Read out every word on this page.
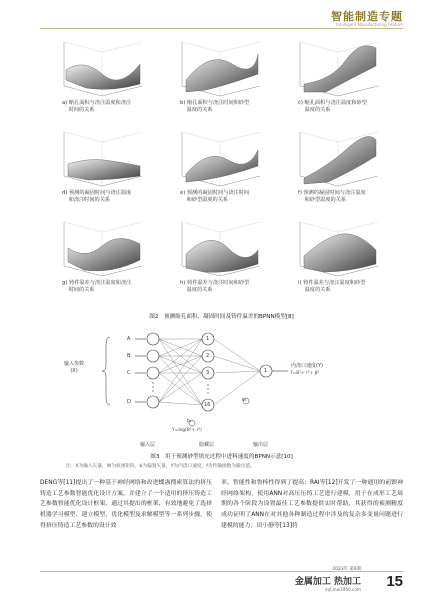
智能制造专题
Intelligent Manufacturing Feature
a) 缩孔面积与浇注温度和浇注
时间的关系
b) 缩孔面积与浇注时间和砂型
温度的关系
c) 缩孔面积与浇注温度和砂型
温度的关系
d) 预测的凝固时间与浇注温度
和浇注时间的关系
e) 预测的凝固时间与浇注时间
和砂型温度的关系
f) 预测的凝固时间与浇注温度
和砂型温度的关系
g) 铸件温差与浇注温度和浇注
时间的关系
h) 铸件温差与浇注时间和砂型
温度的关系
i) 铸件温差与浇注温度和砂型
温度的关系
图2　预测缩孔面积、凝固时间及铸件温差的BPNN模型[8]
A
B
C
D
输入参数
(X)
1
2
3
16
1
内浇口速度(Y)
f=B¹+ r²+ β²
b₁
b₂
Y=log(B¹+ r²)
输入层	隐藏层	输出层
图3　用于预测砂型填充过程中进料速度的BPNN示意[10]
注：X为输入矢量，W为权重矩阵，b为偏置矢量，Y为内浇口速度，f为传输函数为输出值。
DENG等[11]提出了一种基于神经网络和改进蝶蛊搜索算法的挤压铸造工艺参数智能优化设计方案，并建立了一个适用的挤压铸造工艺参数智能优化设计框架，通过其提出的框架，有效地避免了选择机器学习模型、建立模型、优化模型及求解模型等一系列步骤，使得挤压铸造工艺参数的设计效
率、智能性和鲁棒性得到了提高；RAI等[12]开发了一种通用的前馈神经网络架构，使用ANN对高压压铸工艺进行建模，用于在成形工艺周期的各个阶段为设置最佳工艺参数提供实时帮助，其获得的预测精度成功证明了ANN在对其他各种制造过程中涉及的复杂多变量问题进行建模的能力；田小静等[13]将
2023年 第6期
金属加工 热加工
mjl.mw1950.com 15
